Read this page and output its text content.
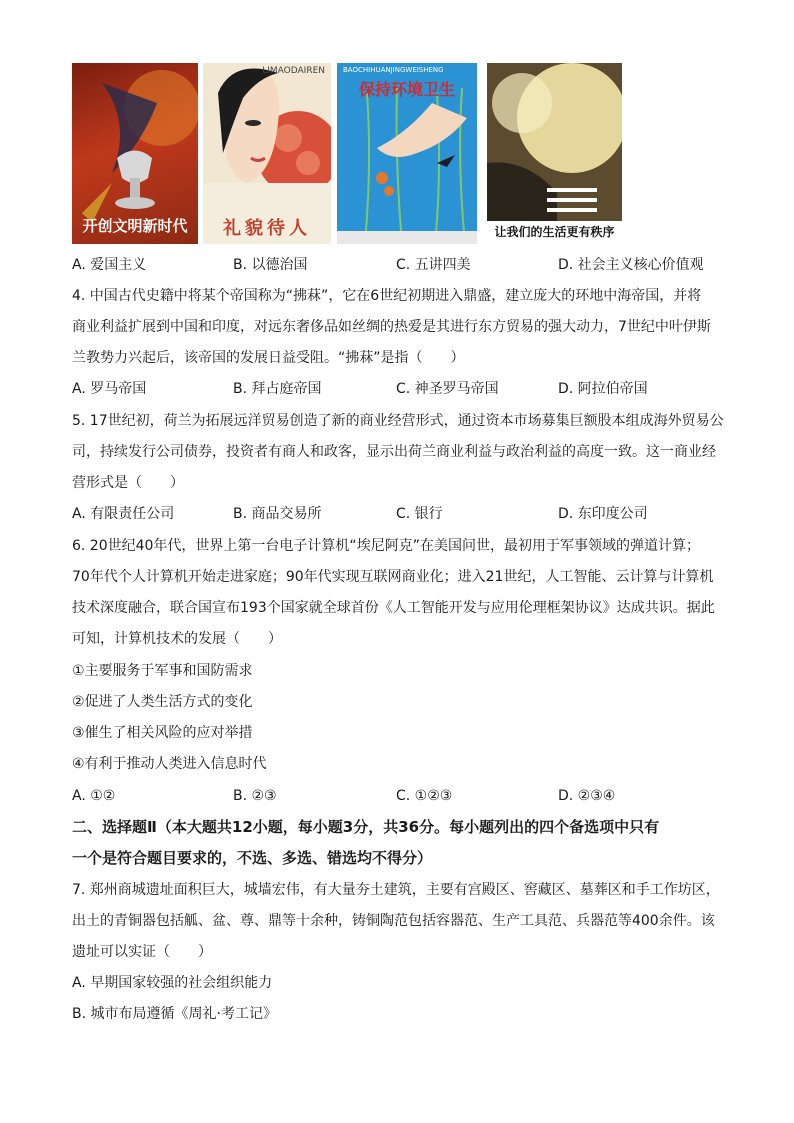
开创文明新时代
LIMAODAIREN
礼貌待人
BAOCHIHUANJINGWEISHENG
保持环境卫生
让我们的生活更有秩序
A. 爱国主义	B. 以德治国	C. 五讲四美	D. 社会主义核心价值观
4. 中国古代史籍中将某个帝国称为“拂菻”，它在6世纪初期进入鼎盛，建立庞大的环地中海帝国，并将
商业利益扩展到中国和印度，对远东奢侈品如丝绸的热爱是其进行东方贸易的强大动力，7世纪中叶伊斯
兰教势力兴起后，该帝国的发展日益受阻。“拂菻”是指（　　）
A. 罗马帝国	B. 拜占庭帝国	C. 神圣罗马帝国	D. 阿拉伯帝国
5. 17世纪初，荷兰为拓展远洋贸易创造了新的商业经营形式，通过资本市场募集巨额股本组成海外贸易公
司，持续发行公司债券，投资者有商人和政客，显示出荷兰商业利益与政治利益的高度一致。这一商业经
营形式是（　　）
A. 有限责任公司	B. 商品交易所	C. 银行	D. 东印度公司
6. 20世纪40年代，世界上第一台电子计算机“埃尼阿克”在美国问世，最初用于军事领域的弹道计算；
70年代个人计算机开始走进家庭；90年代实现互联网商业化；进入21世纪，人工智能、云计算与计算机
技术深度融合，联合国宣布193个国家就全球首份《人工智能开发与应用伦理框架协议》达成共识。据此
可知，计算机技术的发展（　　）
①主要服务于军事和国防需求
②促进了人类生活方式的变化
③催生了相关风险的应对举措
④有利于推动人类进入信息时代
A. ①②	B. ②③	C. ①②③	D. ②③④
二、选择题Ⅱ（本大题共12小题，每小题3分，共36分。每小题列出的四个备选项中只有
一个是符合题目要求的，不选、多选、错选均不得分）
7. 郑州商城遗址面积巨大，城墙宏伟，有大量夯土建筑，主要有宫殿区、窖藏区、墓葬区和手工作坊区，
出土的青铜器包括觚、盆、尊、鼎等十余种，铸铜陶范包括容器范、生产工具范、兵器范等400余件。该
遗址可以实证（　　）
A. 早期国家较强的社会组织能力
B. 城市布局遵循《周礼·考工记》
